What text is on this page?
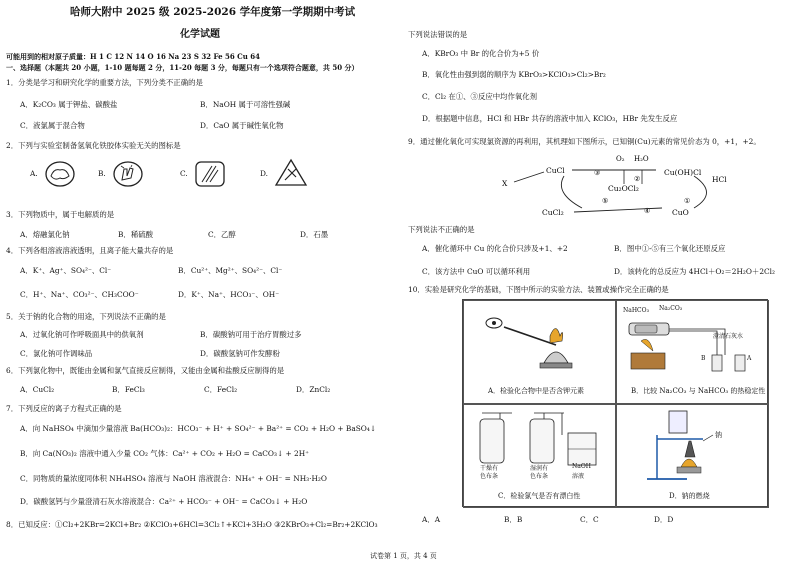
哈师大附中 2025 级 2025-2026 学年度第一学期期中考试
化学试题
可能用到的相对原子质量：H 1 C 12 N 14 O 16 Na 23 S 32 Fe 56 Cu 64
一、选择题（本题共 20 小题，1-10 题每题 2 分，11-20 每题 3 分，每题只有一个选项符合题意，共 50 分）
1．分类是学习和研究化学的重要方法，下列分类不正确的是
A．K₂CO₃ 属于钾盐、碳酸盐	B．NaOH 属于可溶性强碱
C．液氯属于混合物	D．CaO 属于碱性氧化物
2．下列与实验室制备氢氧化铁胶体实验无关的图标是
A.	B.	C.	D.
3．下列物质中，属于电解质的是
A．熔融氯化钠	B．稀硫酸	C．乙醇	D．石墨
4．下列各组溶液溶液透明，且离子能大量共存的是
A．K⁺、Ag⁺、SO₄²⁻、Cl⁻	B．Cu²⁺、Mg²⁺、SO₄²⁻、Cl⁻
C．H⁺、Na⁺、CO₃²⁻、CH₃COO⁻	D．K⁺、Na⁺、HCO₃⁻、OH⁻
5．关于钠的化合物的用途，下列说法不正确的是
A．过氧化钠可作呼吸面具中的供氧剂	B．碳酸钠可用于治疗胃酸过多
C．氯化钠可作调味品	D．碳酸氢钠可作发酵粉
6．下列氯化物中，既能由金属和氯气直接反应制得，又能由金属和盐酸反应制得的是
A．CuCl₂	B．FeCl₃	C．FeCl₂	D．ZnCl₂
7．下列反应的离子方程式正确的是
A．向 NaHSO₄ 中滴加少量溶液 Ba(HCO₃)₂：HCO₃⁻ + H⁺ + SO₄²⁻ + Ba²⁺ = CO₂ + H₂O + BaSO₄↓
B．向 Ca(NO₃)₂ 溶液中通入少量 CO₂ 气体：Ca²⁺ + CO₂ + H₂O = CaCO₃↓ + 2H⁺
C．同物质的量浓度同体积 NH₄HSO₄ 溶液与 NaOH 溶液混合：NH₄⁺ + OH⁻ = NH₃·H₂O
D．碳酸氢钙与少量澄清石灰水溶液混合：Ca²⁺ + HCO₃⁻ + OH⁻ = CaCO₃↓ + H₂O
8．已知反应：①Cl₂+2KBr=2KCl+Br₂ ②KClO₃+6HCl=3Cl₂↑+KCl+3H₂O ③2KBrO₃+Cl₂=Br₂+2KClO₃
下列说法错误的是
A．KBrO₃ 中 Br 的化合价为+5 价
B．氧化性由强到弱的顺序为 KBrO₃>KClO₃>Cl₂>Br₂
C．Cl₂ 在①、③反应中均作氧化剂
D．根据题中信息，HCl 和 HBr 共存的溶液中加入 KClO₃，HBr 先发生反应
9．通过催化氧化可实现氯资源的再利用，其机理如下图所示，已知铜(Cu)元素的常见价态为 0，+1，+2。
X
CuCl
O₂ H₂O
③
②
Cu(OH)Cl
HCl
Cu₂OCl₂
⑤
④
①
CuCl₂	CuO
下列说法不正确的是
A．催化循环中 Cu 的化合价只涉及+1、+2	B．图中①-⑤有三个氧化还原反应
C．该方法中 CuO 可以循环利用	D．该转化的总反应为 4HCl＋O₂＝2H₂O＋2Cl₂
10．实验是研究化学的基础，下图中所示的实验方法、装置或操作完全正确的是
A．检验化合物中是否含钾元素
NaHCO₃ Na₂CO₃
澄清石灰水
B	A
B．比较 Na₂CO₃ 与 NaHCO₃ 的热稳定性
干燥有
色布条
湿润有
色布条
NaOH
溶液
C．检验氯气是否有漂白性
钠
D．钠的燃烧
A．A	B．B	C．C	D．D
试卷第 1 页，共 4 页
